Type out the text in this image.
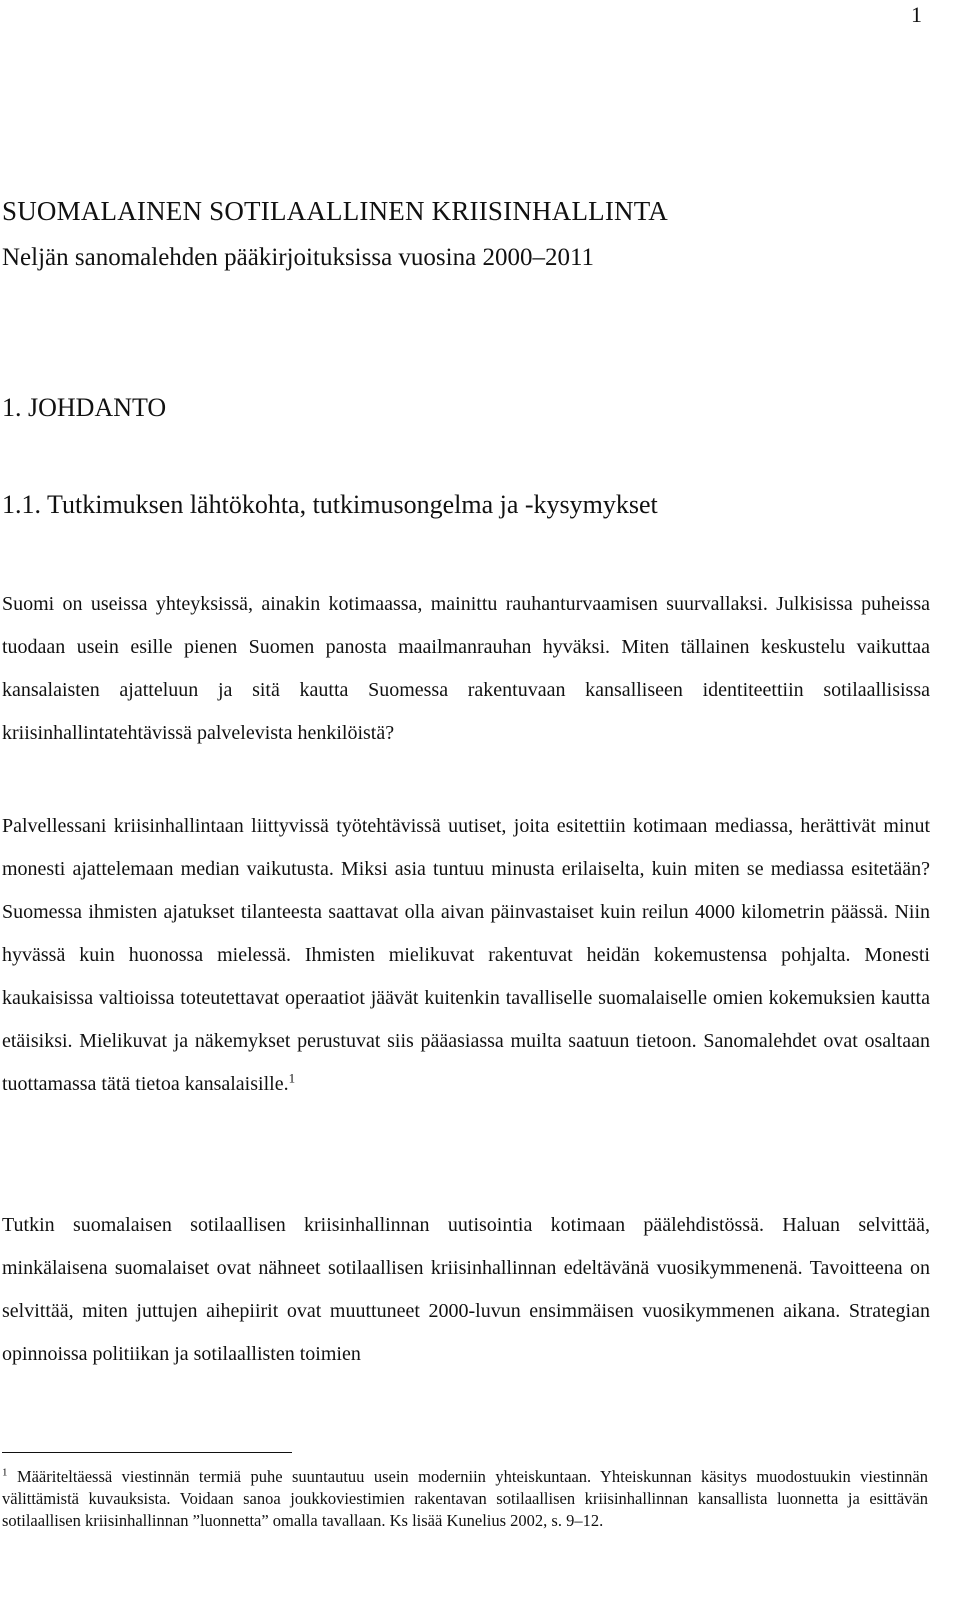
1
SUOMALAINEN SOTILAALLINEN KRIISINHALLINTA
Neljän sanomalehden pääkirjoituksissa vuosina 2000–2011
1. JOHDANTO
1.1. Tutkimuksen lähtökohta, tutkimusongelma ja -kysymykset

Suomi on useissa yhteyksissä, ainakin kotimaassa, mainittu rauhanturvaamisen suurvallaksi. Julkisissa puheissa tuodaan usein esille pienen Suomen panosta maailmanrauhan hyväksi. Miten tällainen keskustelu vaikuttaa kansalaisten ajatteluun ja sitä kautta Suomessa rakentuvaan kansalliseen identiteettiin sotilaallisissa kriisinhallintatehtävissä palvelevista henkilöistä?

Palvellessani kriisinhallintaan liittyvissä työtehtävissä uutiset, joita esitettiin kotimaan mediassa, herättivät minut monesti ajattelemaan median vaikutusta. Miksi asia tuntuu minusta erilaiselta, kuin miten se mediassa esitetään? Suomessa ihmisten ajatukset tilanteesta saattavat olla aivan päinvastaiset kuin reilun 4000 kilometrin päässä. Niin hyvässä kuin huonossa mielessä. Ihmisten mielikuvat rakentuvat heidän kokemustensa pohjalta. Monesti kaukaisissa valtioissa toteutettavat operaatiot jäävät kuitenkin tavalliselle suomalaiselle omien kokemuksien kautta etäisiksi. Mielikuvat ja näkemykset perustuvat siis pääasiassa muilta saatuun tietoon. Sanomalehdet ovat osaltaan tuottamassa tätä tietoa kansalaisille.$^1$

Tutkin suomalaisen sotilaallisen kriisinhallinnan uutisointia kotimaan päälehdistössä. Haluan selvittää, minkälaisena suomalaiset ovat nähneet sotilaallisen kriisinhallinnan edeltävänä vuosikymmenenä. Tavoitteena on selvittää, miten juttujen aihepiirit ovat muuttuneet 2000-luvun ensimmäisen vuosikymmenen aikana. Strategian opinnoissa politiikan ja sotilaallisten toimien

$^1$ Määriteltäessä viestinnän termiä puhe suuntautuu usein moderniin yhteiskuntaan. Yhteiskunnan käsitys muodostuukin viestinnän välittämistä kuvauksista. Voidaan sanoa joukkoviestimien rakentavan sotilaallisen kriisinhallinnan kansallista luonnetta ja esittävän sotilaallisen kriisinhallinnan ”luonnetta” omalla tavallaan. Ks lisää Kunelius 2002, s. 9–12.
